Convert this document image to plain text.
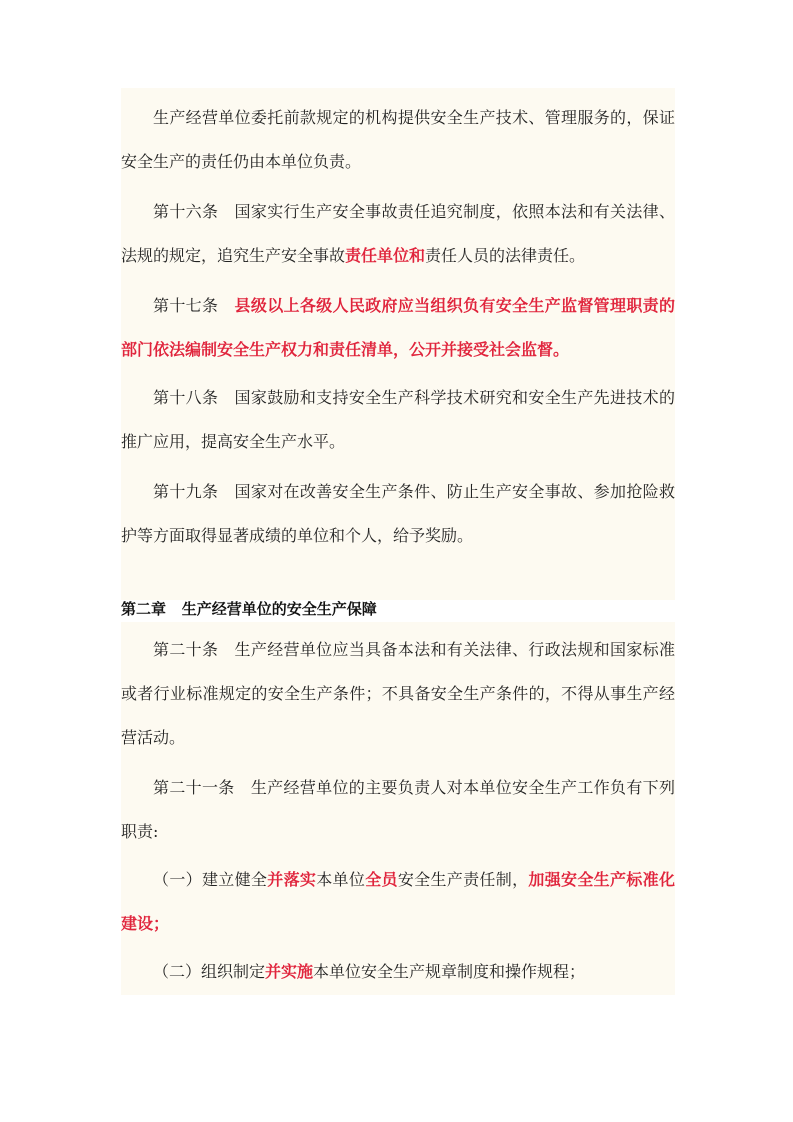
生产经营单位委托前款规定的机构提供安全生产技术、管理服务的，保证安全生产的责任仍由本单位负责。

第十六条 国家实行生产安全事故责任追究制度，依照本法和有关法律、法规的规定，追究生产安全事故责任单位和责任人员的法律责任。

第十七条 县级以上各级人民政府应当组织负有安全生产监督管理职责的部门依法编制安全生产权力和责任清单，公开并接受社会监督。

第十八条 国家鼓励和支持安全生产科学技术研究和安全生产先进技术的推广应用，提高安全生产水平。

第十九条 国家对在改善安全生产条件、防止生产安全事故、参加抢险救护等方面取得显著成绩的单位和个人，给予奖励。

第二章 生产经营单位的安全生产保障

第二十条 生产经营单位应当具备本法和有关法律、行政法规和国家标准或者行业标准规定的安全生产条件；不具备安全生产条件的，不得从事生产经营活动。

第二十一条 生产经营单位的主要负责人对本单位安全生产工作负有下列职责:

（一）建立健全并落实本单位全员安全生产责任制，加强安全生产标准化建设；

（二）组织制定并实施本单位安全生产规章制度和操作规程；
